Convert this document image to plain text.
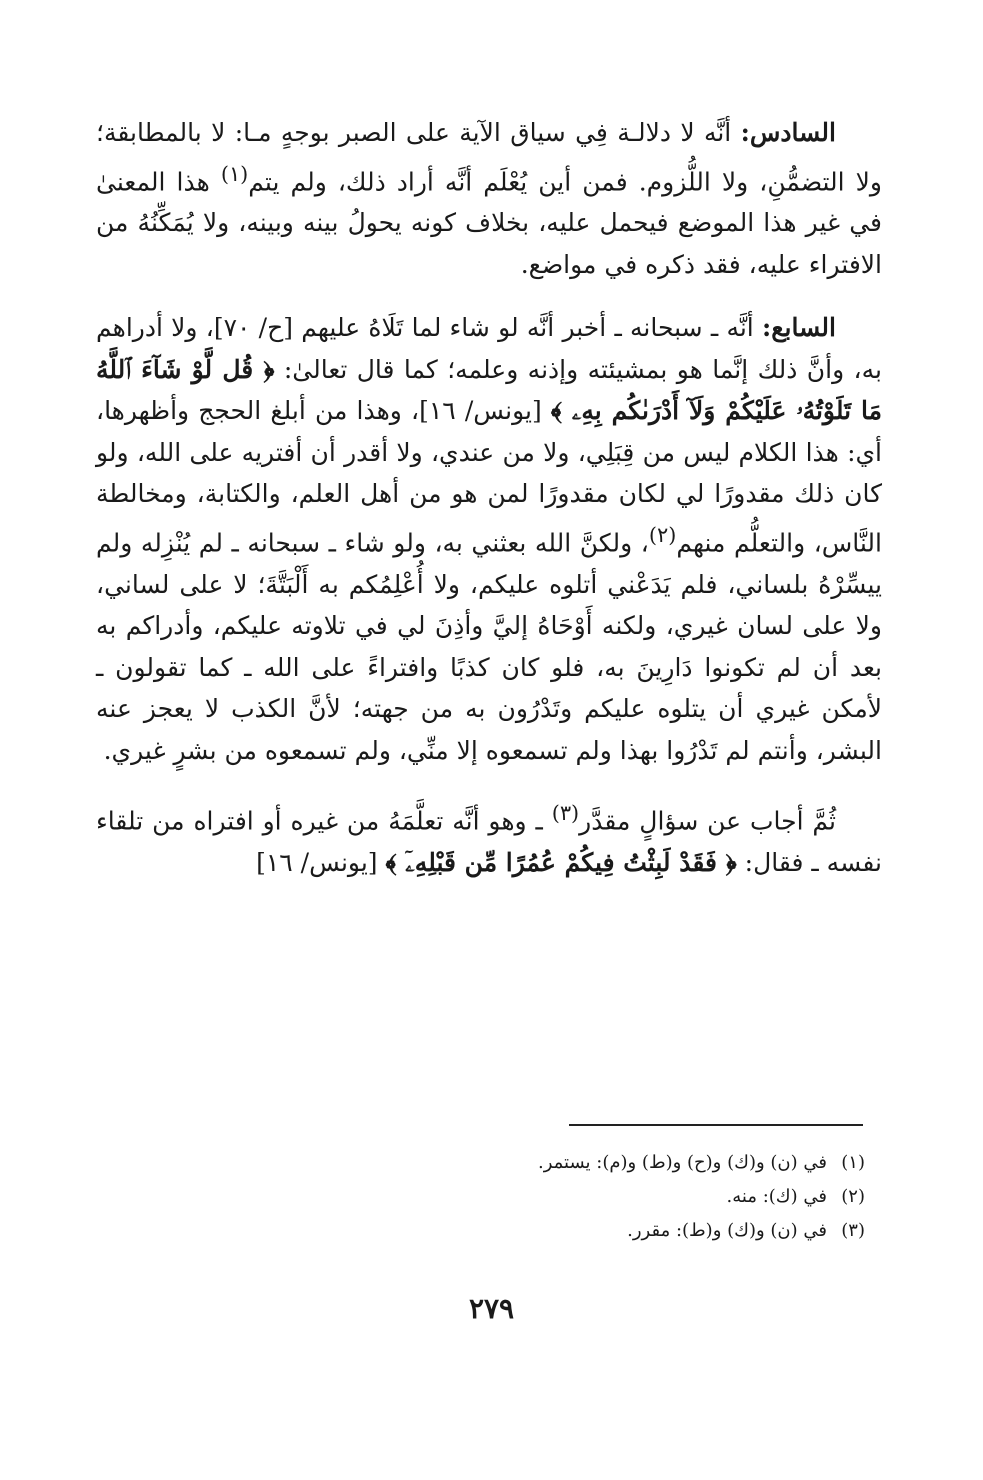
السادس: أنَّه لا دلالـة فِي سياق الآية على الصبر بوجهٍ مـا: لا بالمطابقة؛ ولا التضمُّنِ، ولا اللُّزوم. فمن أين يُعْلَم أنَّه أراد ذلك، ولم يتم$^{(١)}$ هذا المعنىٰ في غير هذا الموضع فيحمل عليه، بخلاف كونه يحولُ بينه وبينه، ولا يُمَكِّنُهُ من الافتراء عليه، فقد ذكره في مواضع.

السابع: أنَّه ـ سبحانه ـ أخبر أنَّه لو شاء لما تَلَاهُ عليهم [ح/ ٧٠]، ولا أدراهم به، وأنَّ ذلك إنَّما هو بمشيئته وإذنه وعلمه؛ كما قال تعالىٰ: ﴿ قُل لَّوْ شَآءَ ٱللَّهُ مَا تَلَوْتُهُۥ عَلَيْكُمْ وَلَآ أَدْرَىٰكُم بِهِۦ ﴾ [يونس/ ١٦]، وهذا من أبلغ الحجج وأظهرها، أي: هذا الكلام ليس من قِبَلِي، ولا من عندي، ولا أقدر أن أفتريه على الله، ولو كان ذلك مقدورًا لي لكان مقدورًا لمن هو من أهل العلم، والكتابة، ومخالطة النَّاس، والتعلُّم منهم$^{(٢)}$، ولكنَّ الله بعثني به، ولو شاء ـ سبحانه ـ لم يُنْزِله ولم ييسِّرْهُ بلساني، فلم يَدَعْني أتلوه عليكم، ولا أُعْلِمُكم به أَلْبَتَّةَ؛ لا على لساني، ولا على لسان غيري، ولكنه أَوْحَاهُ إليَّ وأذِنَ لي في تلاوته عليكم، وأدراكم به بعد أن لم تكونوا دَارِينَ به، فلو كان كذبًا وافتراءً على الله ـ كما تقولون ـ لأمكن غيري أن يتلوه عليكم وتَدْرُون به من جهته؛ لأنَّ الكذب لا يعجز عنه البشر، وأنتم لم تَدْرُوا بهذا ولم تسمعوه إلا منِّي، ولم تسمعوه من بشرٍ غيري.

ثُمَّ أجاب عن سؤالٍ مقدَّر$^{(٣)}$ ـ وهو أنَّه تعلَّمَهُ من غيره أو افتراه من تلقاء نفسه ـ فقال: ﴿ فَقَدْ لَبِثْتُ فِيكُمْ عُمُرًا مِّن قَبْلِهِۦٓ ﴾ [يونس/ ١٦]

(١)
في (ن) و(ك) و(ح) و(ط) و(م): يستمر.
(٢)
في (ك): منه.
(٣)
في (ن) و(ك) و(ط): مقرر.
٢٧٩
